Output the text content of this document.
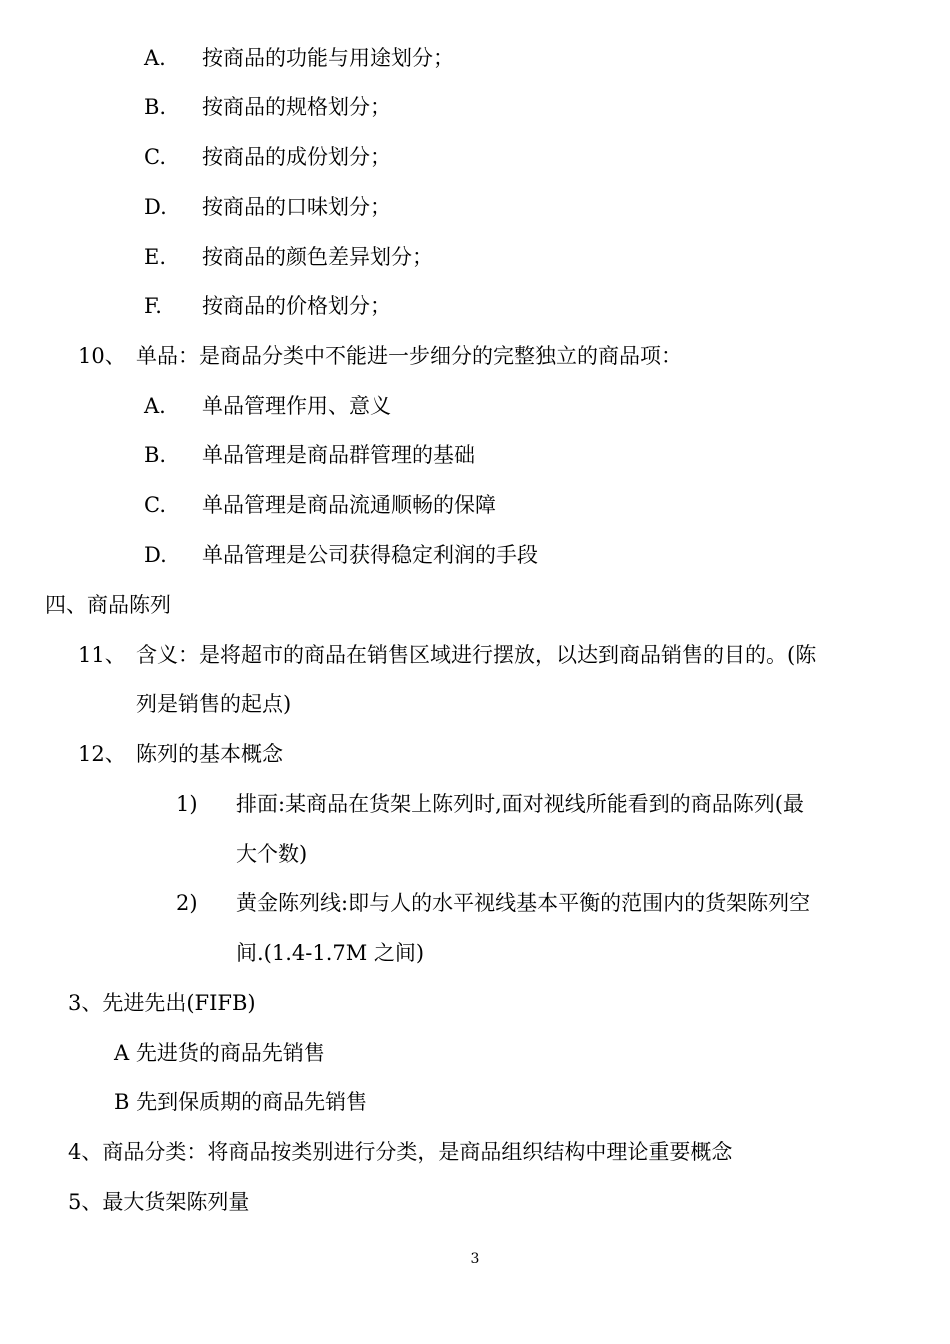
A. 按商品的功能与用途划分；
B. 按商品的规格划分；
C. 按商品的成份划分；
D. 按商品的口味划分；
E. 按商品的颜色差异划分；
F. 按商品的价格划分；
10、 单品：是商品分类中不能进一步细分的完整独立的商品项：
A. 单品管理作用、意义
B. 单品管理是商品群管理的基础
C. 单品管理是商品流通顺畅的保障
D. 单品管理是公司获得稳定利润的手段
四、商品陈列
11、 含义：是将超市的商品在销售区域进行摆放，以达到商品销售的目的。(陈
列是销售的起点)
12、 陈列的基本概念
1) 排面:某商品在货架上陈列时,面对视线所能看到的商品陈列(最
大个数)
2) 黄金陈列线:即与人的水平视线基本平衡的范围内的货架陈列空
间.(1.4-1.7M 之间)
3、先进先出(FIFB)
A 先进货的商品先销售
B 先到保质期的商品先销售
4、商品分类：将商品按类别进行分类，是商品组织结构中理论重要概念
5、最大货架陈列量
3
